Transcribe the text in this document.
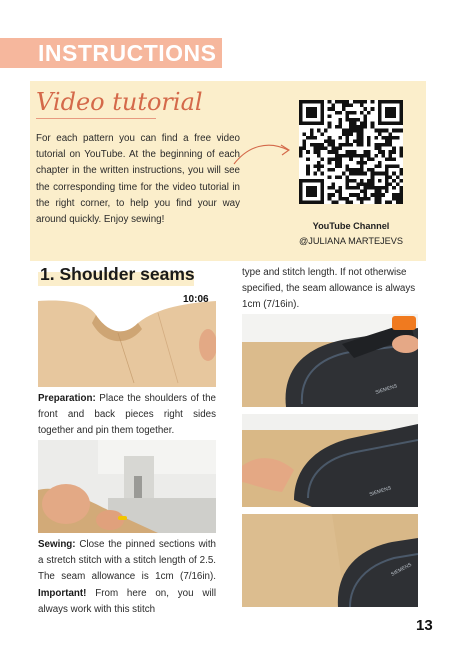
INSTRUCTIONS
Video tutorial
For each pattern you can find a free video tutorial on YouTube. At the beginning of each chapter in the written instructions, you will see the corresponding time for the video tutorial in the right corner, to help you find your way around quickly. Enjoy sewing!
YouTube Channel
@JULIANA MARTEJEVS
1. Shoulder seams
10:06
Preparation: Place the shoulders of the front and back pieces right sides together and pin them together.
Sewing: Close the pinned sections with a stretch stitch with a stitch length of 2.5. The seam allowance is 1cm (7/16in). Important! From here on, you will always work with this stitch
type and stitch length. If not otherwise specified, the seam allowance is always 1cm (7/16in).
SIEMENS
SIEMENS
SIEMENS
13
